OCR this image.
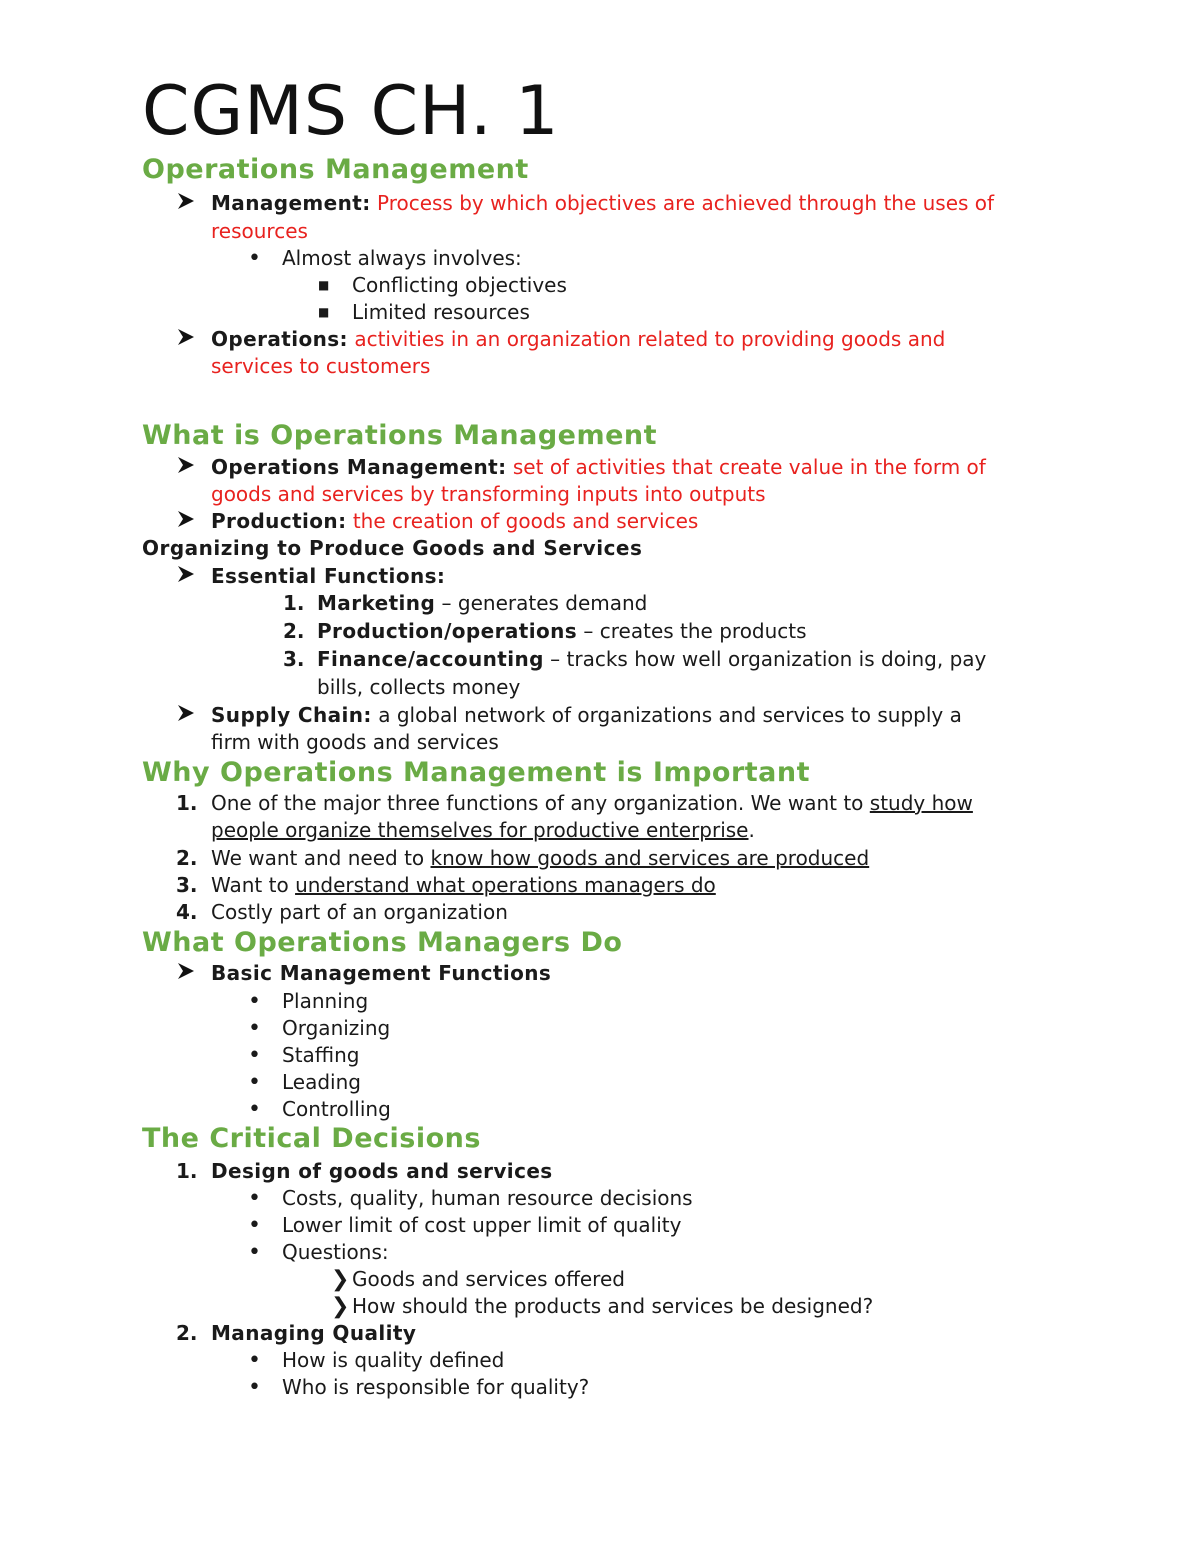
CGMS CH. 1
Operations Management
Management: Process by which objectives are achieved through the uses of
resources
• Almost always involves:
■ Conflicting objectives
■ Limited resources
Operations: activities in an organization related to providing goods and
services to customers
What is Operations Management
Operations Management: set of activities that create value in the form of
goods and services by transforming inputs into outputs
Production: the creation of goods and services
Organizing to Produce Goods and Services
Essential Functions:
1. Marketing – generates demand
2. Production/operations – creates the products
3. Finance/accounting – tracks how well organization is doing, pay
bills, collects money
Supply Chain: a global network of organizations and services to supply a
firm with goods and services
Why Operations Management is Important
1. One of the major three functions of any organization. We want to study how
people organize themselves for productive enterprise.
2. We want and need to know how goods and services are produced
3. Want to understand what operations managers do
4. Costly part of an organization
What Operations Managers Do
Basic Management Functions
• Planning
• Organizing
• Staffing
• Leading
• Controlling
The Critical Decisions
1. Design of goods and services
• Costs, quality, human resource decisions
• Lower limit of cost upper limit of quality
• Questions:
❯ Goods and services offered
❯ How should the products and services be designed?
2. Managing Quality
• How is quality defined
• Who is responsible for quality?
